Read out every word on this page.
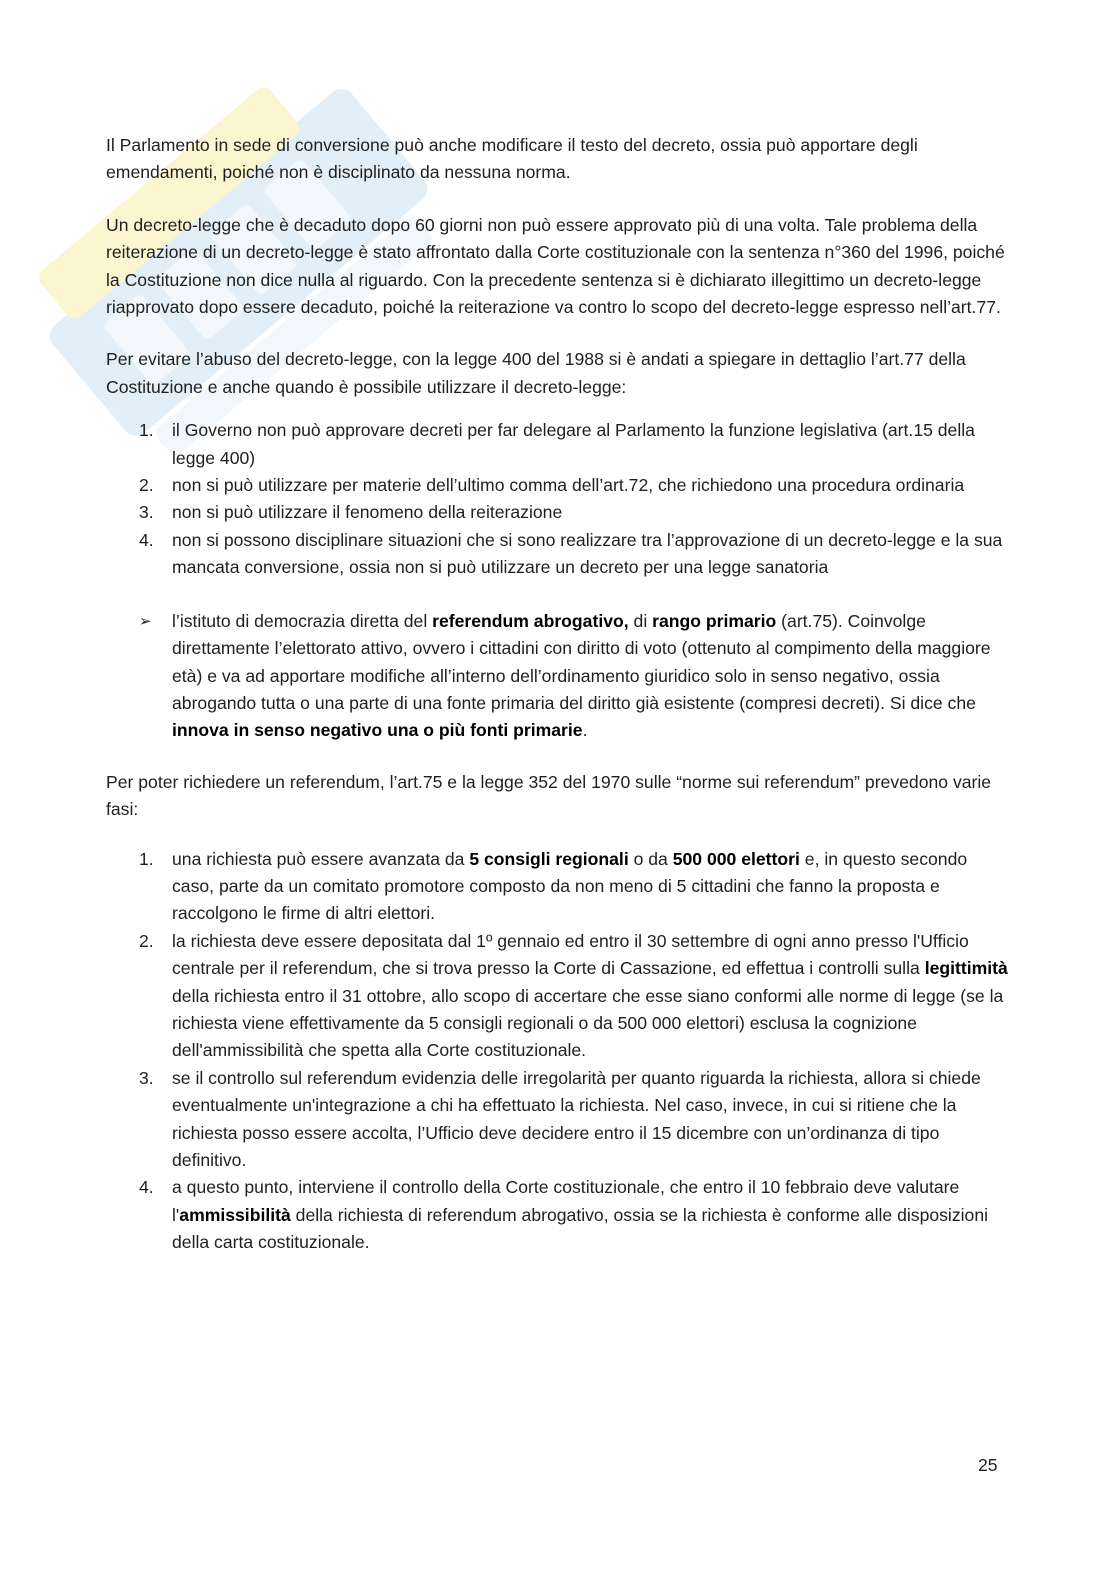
Il Parlamento in sede di conversione può anche modificare il testo del decreto, ossia può apportare degli emendamenti, poiché non è disciplinato da nessuna norma.

Un decreto-legge che è decaduto dopo 60 giorni non può essere approvato più di una volta. Tale problema della reiterazione di un decreto-legge è stato affrontato dalla Corte costituzionale con la sentenza n°360 del 1996, poiché la Costituzione non dice nulla al riguardo. Con la precedente sentenza si è dichiarato illegittimo un decreto-legge riapprovato dopo essere decaduto, poiché la reiterazione va contro lo scopo del decreto-legge espresso nell’art.77.

Per evitare l’abuso del decreto-legge, con la legge 400 del 1988 si è andati a spiegare in dettaglio l’art.77 della Costituzione e anche quando è possibile utilizzare il decreto-legge:

1. il Governo non può approvare decreti per far delegare al Parlamento la funzione legislativa (art.15 della legge 400)
2. non si può utilizzare per materie dell’ultimo comma dell’art.72, che richiedono una procedura ordinaria
3. non si può utilizzare il fenomeno della reiterazione
4. non si possono disciplinare situazioni che si sono realizzare tra l’approvazione di un decreto-legge e la sua mancata conversione, ossia non si può utilizzare un decreto per una legge sanatoria
➢ l’istituto di democrazia diretta del referendum abrogativo, di rango primario (art.75). Coinvolge direttamente l’elettorato attivo, ovvero i cittadini con diritto di voto (ottenuto al compimento della maggiore età) e va ad apportare modifiche all’interno dell’ordinamento giuridico solo in senso negativo, ossia abrogando tutta o una parte di una fonte primaria del diritto già esistente (compresi decreti). Si dice che innova in senso negativo una o più fonti primarie.

Per poter richiedere un referendum, l’art.75 e la legge 352 del 1970 sulle “norme sui referendum” prevedono varie fasi:

1. una richiesta può essere avanzata da 5 consigli regionali o da 500 000 elettori e, in questo secondo caso, parte da un comitato promotore composto da non meno di 5 cittadini che fanno la proposta e raccolgono le firme di altri elettori.
2. la richiesta deve essere depositata dal 1º gennaio ed entro il 30 settembre di ogni anno presso l'Ufficio centrale per il referendum, che si trova presso la Corte di Cassazione, ed effettua i controlli sulla legittimità della richiesta entro il 31 ottobre, allo scopo di accertare che esse siano conformi alle norme di legge (se la richiesta viene effettivamente da 5 consigli regionali o da 500 000 elettori) esclusa la cognizione dell'ammissibilità che spetta alla Corte costituzionale.
3. se il controllo sul referendum evidenzia delle irregolarità per quanto riguarda la richiesta, allora si chiede eventualmente un'integrazione a chi ha effettuato la richiesta. Nel caso, invece, in cui si ritiene che la richiesta posso essere accolta, l’Ufficio deve decidere entro il 15 dicembre con un’ordinanza di tipo definitivo.
4. a questo punto, interviene il controllo della Corte costituzionale, che entro il 10 febbraio deve valutare l'ammissibilità della richiesta di referendum abrogativo, ossia se la richiesta è conforme alle disposizioni della carta costituzionale.
25
